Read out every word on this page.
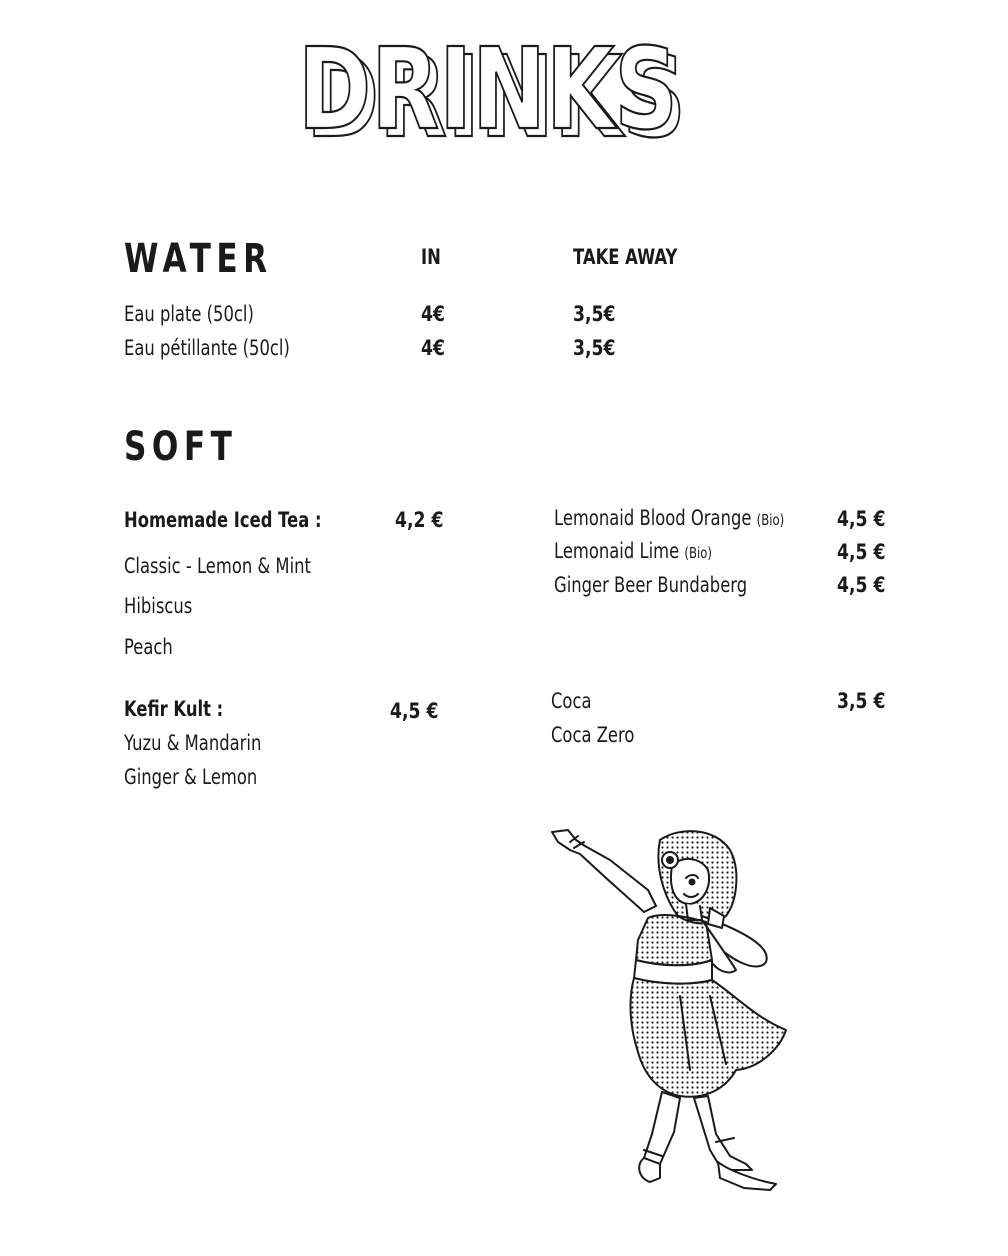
DRINKS
DRINKS
WATER	IN	TAKE AWAY
Eau plate (50cl)	4€	3,5€
Eau pétillante (50cl)	4€	3,5€
SOFT
Homemade Iced Tea :	4,2 €
Classic - Lemon & Mint
Hibiscus
Peach
Kefir Kult :	4,5 €
Yuzu & Mandarin
Ginger & Lemon
Lemonaid Blood Orange (Bio)	4,5 €
Lemonaid Lime (Bio)	4,5 €
Ginger Beer Bundaberg	4,5 €
Coca	3,5 €
Coca Zero
